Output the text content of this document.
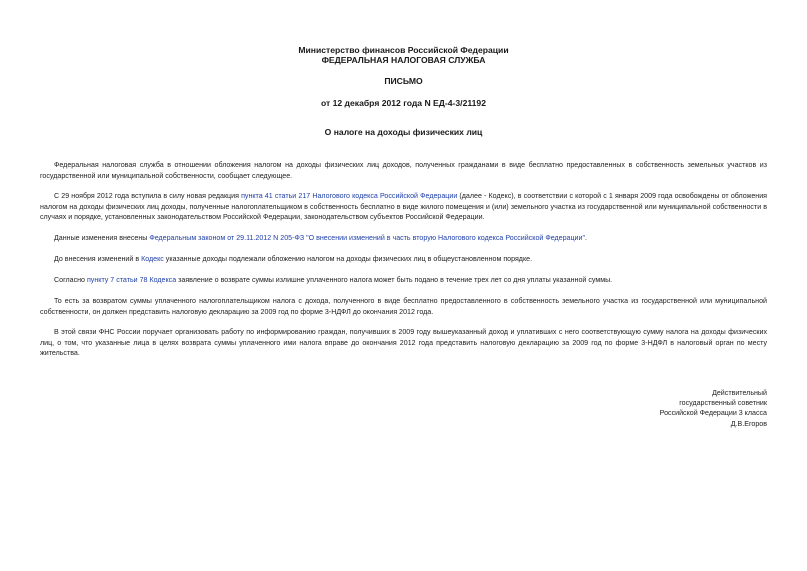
Министерство финансов Российской Федерации
ФЕДЕРАЛЬНАЯ НАЛОГОВАЯ СЛУЖБА
ПИСЬМО
от 12 декабря 2012 года N ЕД-4-3/21192
О налоге на доходы физических лиц

Федеральная налоговая служба в отношении обложения налогом на доходы физических лиц доходов, полученных гражданами в виде бесплатно предоставленных в собственность земельных участков из государственной или муниципальной собственности, сообщает следующее.

С 29 ноября 2012 года вступила в силу новая редакция пункта 41 статьи 217 Налогового кодекса Российской Федерации (далее - Кодекс), в соответствии с которой с 1 января 2009 года освобождены от обложения налогом на доходы физических лиц доходы, полученные налогоплательщиком в собственность бесплатно в виде жилого помещения и (или) земельного участка из государственной или муниципальной собственности в случаях и порядке, установленных законодательством Российской Федерации, законодательством субъектов Российской Федерации.

Данные изменения внесены Федеральным законом от 29.11.2012 N 205-ФЗ "О внесении изменений в часть вторую Налогового кодекса Российской Федерации".

До внесения изменений в Кодекс указанные доходы подлежали обложению налогом на доходы физических лиц в общеустановленном порядке.

Согласно пункту 7 статьи 78 Кодекса заявление о возврате суммы излишне уплаченного налога может быть подано в течение трех лет со дня уплаты указанной суммы.

То есть за возвратом суммы уплаченного налогоплательщиком налога с дохода, полученного в виде бесплатно предоставленного в собственность земельного участка из государственной или муниципальной собственности, он должен представить налоговую декларацию за 2009 год по форме 3-НДФЛ до окончания 2012 года.

В этой связи ФНС России поручает организовать работу по информированию граждан, получивших в 2009 году вышеуказанный доход и уплативших с него соответствующую сумму налога на доходы физических лиц, о том, что указанные лица в целях возврата суммы уплаченного ими налога вправе до окончания 2012 года представить налоговую декларацию за 2009 год по форме 3-НДФЛ в налоговый орган по месту жительства.

Действительный
государственный советник
Российской Федерации 3 класса
Д.В.Егоров
